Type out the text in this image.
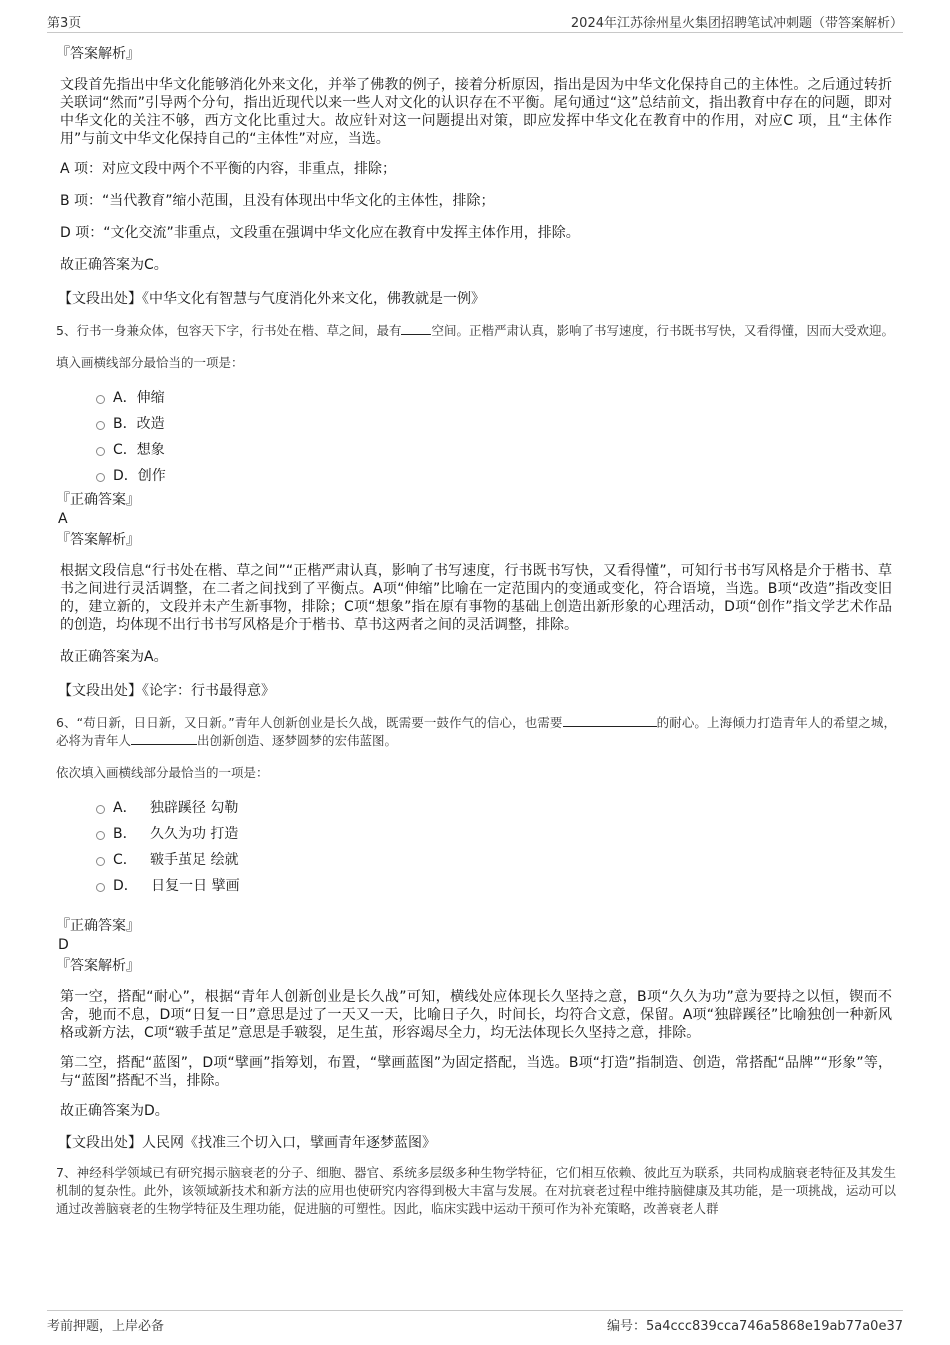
第3页	2024年江苏徐州星火集团招聘笔试冲刺题（带答案解析）
『答案解析』

文段首先指出中华文化能够消化外来文化，并举了佛教的例子，接着分析原因，指出是因为中华文化保持自己的主体性。之后通过转折关联词“然而”引导两个分句，指出近现代以来一些人对文化的认识存在不平衡。尾句通过“这”总结前文，指出教育中存在的问题，即对中华文化的关注不够，西方文化比重过大。故应针对这一问题提出对策，即应发挥中华文化在教育中的作用，对应C 项，且“主体作用”与前文中华文化保持自己的“主体性”对应，当选。

A 项：对应文段中两个不平衡的内容，非重点，排除；

B 项：“当代教育”缩小范围，且没有体现出中华文化的主体性，排除；

D 项：“文化交流”非重点，文段重在强调中华文化应在教育中发挥主体作用，排除。

故正确答案为C。

【文段出处】《中华文化有智慧与气度消化外来文化，佛教就是一例》

5、行书一身兼众体，包容天下字，行书处在楷、草之间，最有 空间。正楷严肃认真，影响了书写速度，行书既书写快，又看得懂，因而大受欢迎。

填入画横线部分最恰当的一项是：

A．伸缩
B．改造
C．想象
D．创作
『正确答案』
A
『答案解析』

根据文段信息“行书处在楷、草之间”“正楷严肃认真，影响了书写速度，行书既书写快，又看得懂”，可知行书书写风格是介于楷书、草书之间进行灵活调整，在二者之间找到了平衡点。A项“伸缩”比喻在一定范围内的变通或变化，符合语境，当选。B项“改造”指改变旧的，建立新的，文段并未产生新事物，排除；C项“想象”指在原有事物的基础上创造出新形象的心理活动，D项“创作”指文学艺术作品的创造，均体现不出行书书写风格是介于楷书、草书这两者之间的灵活调整，排除。

故正确答案为A。

【文段出处】《论字：行书最得意》

6、“苟日新，日日新，又日新。”青年人创新创业是长久战，既需要一鼓作气的信心，也需要	的耐心。上海倾力打造青年人的希望之城，必将为青年人	出创新创造、逐梦圆梦的宏伟蓝图。

依次填入画横线部分最恰当的一项是：

A．   独辟蹊径 勾勒
B．   久久为功 打造
C．   皲手茧足 绘就
D．   日复一日 擘画
『正确答案』
D
『答案解析』

第一空，搭配“耐心”，根据“青年人创新创业是长久战”可知，横线处应体现长久坚持之意，B项“久久为功”意为要持之以恒，锲而不舍，驰而不息，D项“日复一日”意思是过了一天又一天，比喻日子久，时间长，均符合文意，保留。A项“独辟蹊径”比喻独创一种新风格或新方法，C项“皲手茧足”意思是手皲裂，足生茧，形容竭尽全力，均无法体现长久坚持之意，排除。

第二空，搭配“蓝图”，D项“擘画”指筹划，布置，“擘画蓝图”为固定搭配，当选。B项“打造”指制造、创造，常搭配“品牌”“形象”等，与“蓝图”搭配不当，排除。

故正确答案为D。

【文段出处】人民网《找准三个切入口，擘画青年逐梦蓝图》

7、神经科学领域已有研究揭示脑衰老的分子、细胞、器官、系统多层级多种生物学特征，它们相互依赖、彼此互为联系，共同构成脑衰老特征及其发生机制的复杂性。此外，该领域新技术和新方法的应用也使研究内容得到极大丰富与发展。在对抗衰老过程中维持脑健康及其功能，是一项挑战，运动可以通过改善脑衰老的生物学特征及生理功能，促进脑的可塑性。因此，临床实践中运动干预可作为补充策略，改善衰老人群

考前押题，上岸必备	编号：5a4ccc839cca746a5868e19ab77a0e37
